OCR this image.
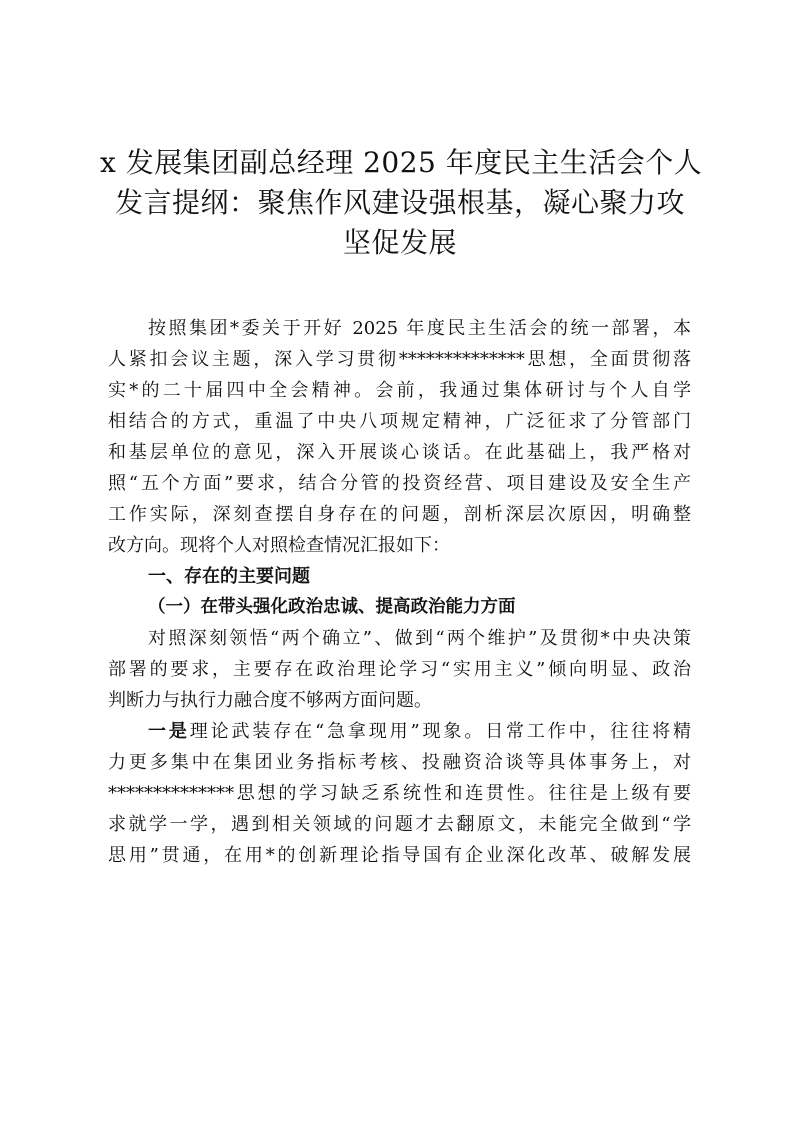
x 发展集团副总经理 2025 年度民主生活会个人
发言提纲：聚焦作风建设强根基，凝心聚力攻
坚促发展
按照集团*委关于开好 2025 年度民主生活会的统一部署，本
人紧扣会议主题，深入学习贯彻**************思想，全面贯彻落
实*的二十届四中全会精神。会前，我通过集体研讨与个人自学
相结合的方式，重温了中央八项规定精神，广泛征求了分管部门
和基层单位的意见，深入开展谈心谈话。在此基础上，我严格对
照“五个方面”要求，结合分管的投资经营、项目建设及安全生产
工作实际，深刻查摆自身存在的问题，剖析深层次原因，明确整
改方向。现将个人对照检查情况汇报如下：
一、存在的主要问题
（一）在带头强化政治忠诚、提高政治能力方面
对照深刻领悟“两个确立”、做到“两个维护”及贯彻*中央决策
部署的要求，主要存在政治理论学习“实用主义”倾向明显、政治
判断力与执行力融合度不够两方面问题。
一是理论武装存在“急拿现用”现象。日常工作中，往往将精
力更多集中在集团业务指标考核、投融资洽谈等具体事务上，对
**************思想的学习缺乏系统性和连贯性。往往是上级有要
求就学一学，遇到相关领域的问题才去翻原文，未能完全做到“学
思用”贯通，在用*的创新理论指导国有企业深化改革、破解发展
